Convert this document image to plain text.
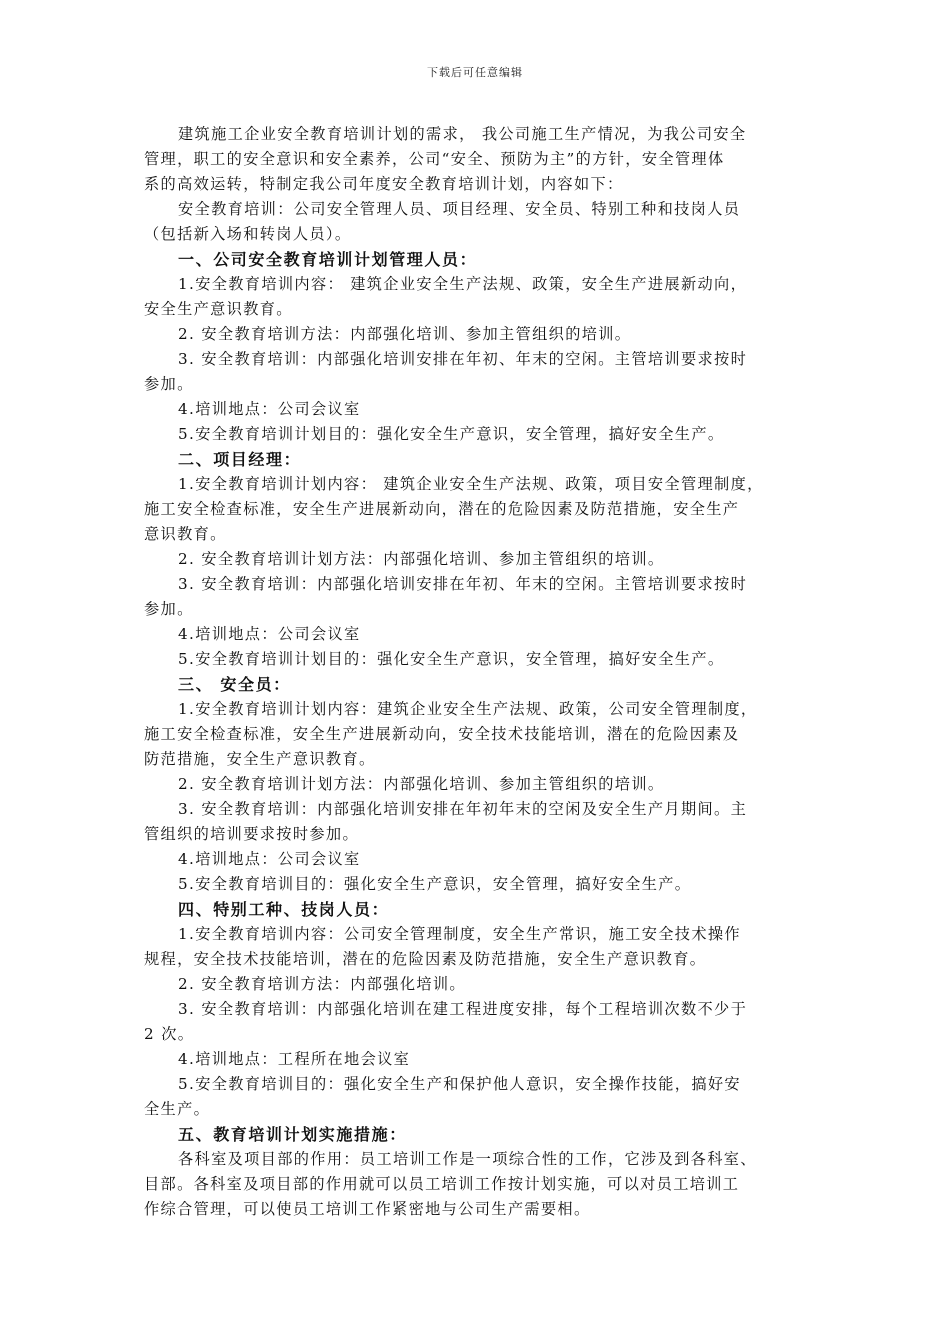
下载后可任意编辑
建筑施工企业安全教育培训计划的需求， 我公司施工生产情况，为我公司安全
管理，职工的安全意识和安全素养，公司“安全、预防为主”的方针，安全管理体
系的高效运转，特制定我公司年度安全教育培训计划，内容如下：
安全教育培训：公司安全管理人员、项目经理、安全员、特别工种和技岗人员
（包括新入场和转岗人员）。
一、公司安全教育培训计划管理人员：
1.安全教育培训内容： 建筑企业安全生产法规、政策，安全生产进展新动向，
安全生产意识教育。
2. 安全教育培训方法：内部强化培训、参加主管组织的培训。
3. 安全教育培训：内部强化培训安排在年初、年末的空闲。主管培训要求按时
参加。
4.培训地点：公司会议室
5.安全教育培训计划目的：强化安全生产意识，安全管理，搞好安全生产。
二、项目经理：
1.安全教育培训计划内容： 建筑企业安全生产法规、政策，项目安全管理制度，
施工安全检查标准，安全生产进展新动向，潜在的危险因素及防范措施，安全生产
意识教育。
2. 安全教育培训计划方法：内部强化培训、参加主管组织的培训。
3. 安全教育培训：内部强化培训安排在年初、年末的空闲。主管培训要求按时
参加。
4.培训地点：公司会议室
5.安全教育培训计划目的：强化安全生产意识，安全管理，搞好安全生产。
三、 安全员：
1.安全教育培训计划内容：建筑企业安全生产法规、政策，公司安全管理制度，
施工安全检查标准，安全生产进展新动向，安全技术技能培训，潜在的危险因素及
防范措施，安全生产意识教育。
2. 安全教育培训计划方法：内部强化培训、参加主管组织的培训。
3. 安全教育培训：内部强化培训安排在年初年末的空闲及安全生产月期间。主
管组织的培训要求按时参加。
4.培训地点：公司会议室
5.安全教育培训目的：强化安全生产意识，安全管理，搞好安全生产。
四、特别工种、技岗人员：
1.安全教育培训内容：公司安全管理制度，安全生产常识，施工安全技术操作
规程，安全技术技能培训，潜在的危险因素及防范措施，安全生产意识教育。
2. 安全教育培训方法：内部强化培训。
3. 安全教育培训：内部强化培训在建工程进度安排，每个工程培训次数不少于
2 次。
4.培训地点：工程所在地会议室
5.安全教育培训目的：强化安全生产和保护他人意识，安全操作技能，搞好安
全生产。
五、教育培训计划实施措施：
各科室及项目部的作用：员工培训工作是一项综合性的工作，它涉及到各科室、
目部。各科室及项目部的作用就可以员工培训工作按计划实施，可以对员工培训工
作综合管理，可以使员工培训工作紧密地与公司生产需要相。
